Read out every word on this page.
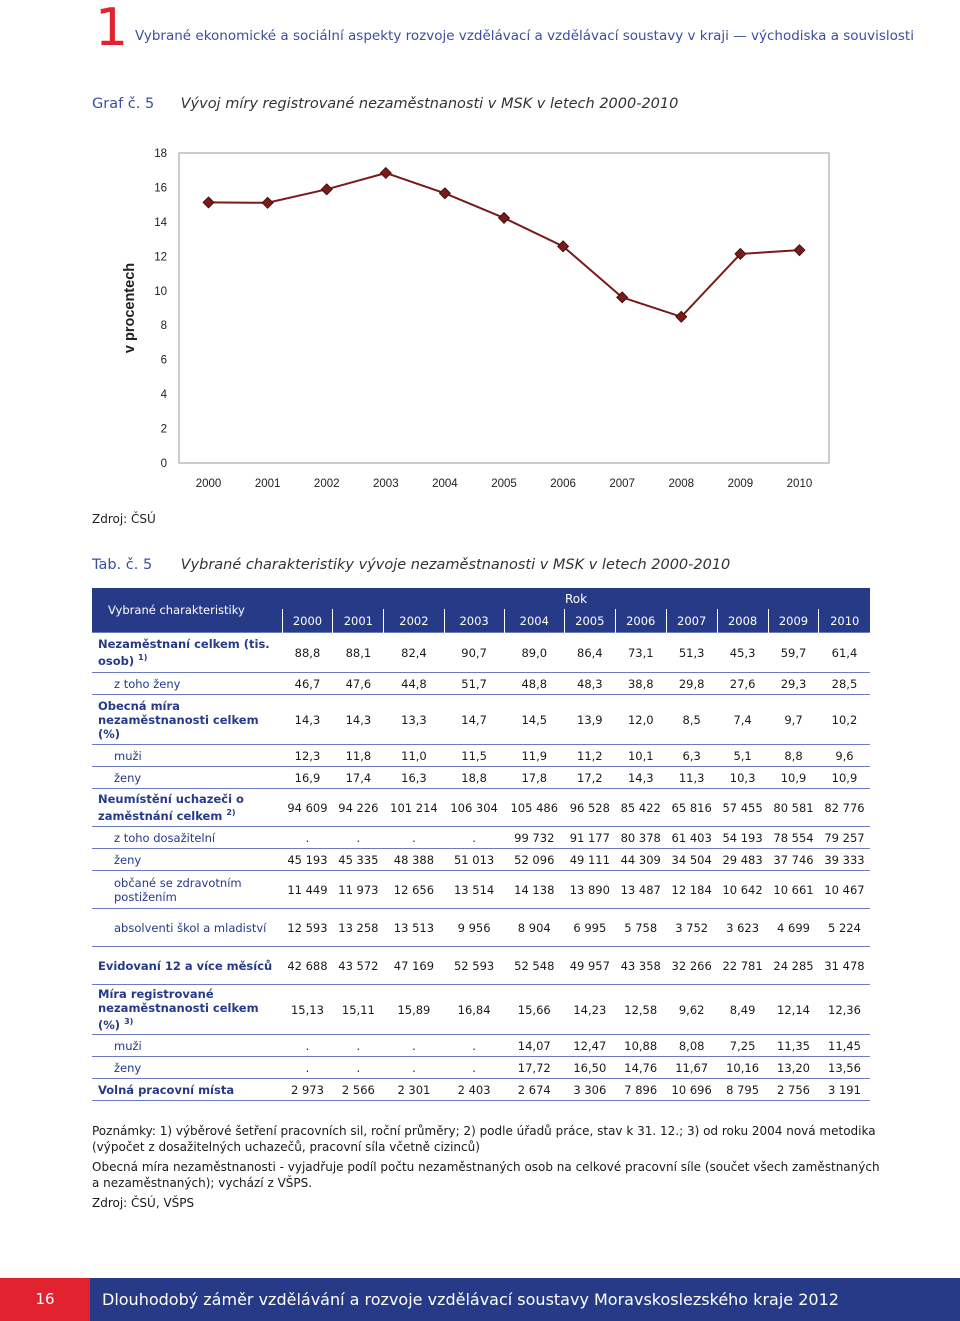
1 Vybrané ekonomické a sociální aspekty rozvoje vzdělávací a vzdělávací soustavy v kraji — východiska a souvislosti
Graf č. 5 Vývoj míry registrované nezaměstnanosti v MSK v letech 2000-2010
0
2
4
6
8
10
12
14
16
18
2000	2001	2002	2003	2004	2005	2006	2007	2008	2009	2010
v procentech
Zdroj: ČSÚ
Tab. č. 5 Vybrané charakteristiky vývoje nezaměstnanosti v MSK v letech 2000-2010
Vybrané charakteristiky	Rok										
	2000	2001	2002	2003	2004	2005	2006	2007	2008	2009	2010
Nezaměstnaní celkem (tis. osob) $^{1)}$	88,8	88,1	82,4	90,7	89,0	86,4	73,1	51,3	45,3	59,7	61,4
z toho ženy	46,7	47,6	44,8	51,7	48,8	48,3	38,8	29,8	27,6	29,3	28,5
Obecná míra nezaměstnanosti celkem (%)	14,3	14,3	13,3	14,7	14,5	13,9	12,0	8,5	7,4	9,7	10,2
muži	12,3	11,8	11,0	11,5	11,9	11,2	10,1	6,3	5,1	8,8	9,6
ženy	16,9	17,4	16,3	18,8	17,8	17,2	14,3	11,3	10,3	10,9	10,9
Neumístění uchazeči o zaměstnání celkem $^{2)}$	94 609	94 226	101 214	106 304	105 486	96 528	85 422	65 816	57 455	80 581	82 776
z toho dosažitelní	.	.	.	.	99 732	91 177	80 378	61 403	54 193	78 554	79 257
ženy	45 193	45 335	48 388	51 013	52 096	49 111	44 309	34 504	29 483	37 746	39 333
občané se zdravotním postižením	11 449	11 973	12 656	13 514	14 138	13 890	13 487	12 184	10 642	10 661	10 467
absolventi škol a mladiství	12 593	13 258	13 513	9 956	8 904	6 995	5 758	3 752	3 623	4 699	5 224
Evidovaní 12 a více měsíců	42 688	43 572	47 169	52 593	52 548	49 957	43 358	32 266	22 781	24 285	31 478
Míra registrované nezaměstnanosti celkem (%) $^{3)}$	15,13	15,11	15,89	16,84	15,66	14,23	12,58	9,62	8,49	12,14	12,36
muži	.	.	.	.	14,07	12,47	10,88	8,08	7,25	11,35	11,45
ženy	.	.	.	.	17,72	16,50	14,76	11,67	10,16	13,20	13,56
Volná pracovní místa	2 973	2 566	2 301	2 403	2 674	3 306	7 896	10 696	8 795	2 756	3 191

Poznámky: 1) výběrové šetření pracovních sil, roční průměry; 2) podle úřadů práce, stav k 31. 12.; 3) od roku 2004 nová metodika (výpočet z dosažitelných uchazečů, pracovní síla včetně cizinců)

Obecná míra nezaměstnanosti - vyjadřuje podíl počtu nezaměstnaných osob na celkové pracovní síle (součet všech zaměstnaných a nezaměstnaných); vychází z VŠPS.

Zdroj: ČSÚ, VŠPS

16	Dlouhodobý záměr vzdělávání a rozvoje vzdělávací soustavy Moravskoslezského kraje 2012
